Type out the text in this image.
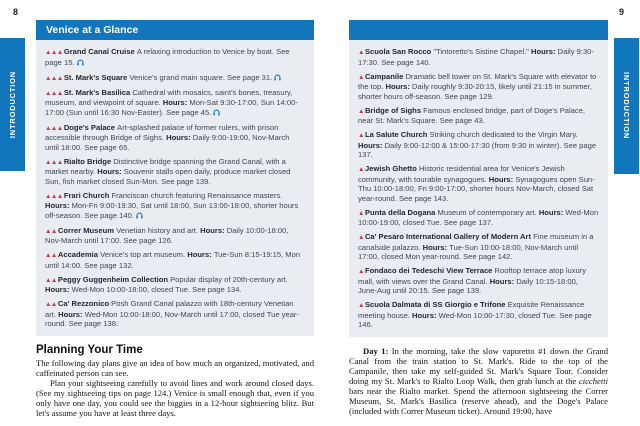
8	9
INTRODUCTION	INTRODUCTION
Venice at a Glance
▲▲▲Grand Canal Cruise A relaxing introduction to Venice by boat. See page 15.
▲▲▲St. Mark's Square Venice's grand main square. See page 31.
▲▲▲St. Mark's Basilica Cathedral with mosaics, saint's bones, treasury, museum, and viewpoint of square. Hours: Mon-Sat 9:30-17:00, Sun 14:00-17:00 (Sun until 16:30 Nov-Easter). See page 45.
▲▲▲Doge's Palace Art-splashed palace of former rulers, with prison accessible through Bridge of Sighs. Hours: Daily 9:00-19:00, Nov-March until 18:00. See page 65.
▲▲▲Rialto Bridge Distinctive bridge spanning the Grand Canal, with a market nearby. Hours: Souvenir stalls open daily, produce market closed Sun, fish market closed Sun-Mon. See page 139.
▲▲▲Frari Church Franciscan church featuring Renaissance masters. Hours: Mon-Fri 9:00-19:30, Sat until 18:00, Sun 13:00-18:00, shorter hours off-season. See page 140.
▲▲Correr Museum Venetian history and art. Hours: Daily 10:00-18:00, Nov-March until 17:00. See page 126.
▲▲Accademia Venice's top art museum. Hours: Tue-Sun 8:15-19:15, Mon until 14:00. See page 132.
▲▲Peggy Guggenheim Collection Popular display of 20th-century art. Hours: Wed-Mon 10:00-18:00, closed Tue. See page 134.
▲▲Ca' Rezzonico Posh Grand Canal palazzo with 18th-century Venetian art. Hours: Wed-Mon 10:00-18:00, Nov-March until 17:00, closed Tue year-round. See page 138.
Planning Your Time

The following day plans give an idea of how much an organized, motivated, and caffeinated person can see.

Plan your sightseeing carefully to avoid lines and work around closed days. (See my sightseeing tips on page 124.) Venice is small enough that, even if you only have one day, you could see the biggies in a 12-hour sightseeing blitz. But let's assume you have at least three days.

▲Scuola San Rocco "Tintoretto's Sistine Chapel." Hours: Daily 9:30-17:30. See page 140.
▲Campanile Dramatic bell tower on St. Mark's Square with elevator to the top. Hours: Daily roughly 9:30-20:15, likely until 21:15 in summer, shorter hours off-season. See page 129.
▲Bridge of Sighs Famous enclosed bridge, part of Doge's Palace, near St. Mark's Square. See page 43.
▲La Salute Church Striking church dedicated to the Virgin Mary. Hours: Daily 9:00-12:00 & 15:00-17:30 (from 9:30 in winter). See page 137.
▲Jewish Ghetto Historic residential area for Venice's Jewish community, with tourable synagogues. Hours: Synagogues open Sun-Thu 10:00-18:00, Fri 9:00-17:00, shorter hours Nov-March, closed Sat year-round. See page 143.
▲Punta della Dogana Museum of contemporary art. Hours: Wed-Mon 10:00-19:00, closed Tue. See page 137.
▲Ca' Pesaro International Gallery of Modern Art Fine museum in a canalside palazzo. Hours: Tue-Sun 10:00-18:00, Nov-March until 17:00, closed Mon year-round. See page 142.
▲Fondaco dei Tedeschi View Terrace Rooftop terrace atop luxury mall, with views over the Grand Canal. Hours: Daily 10:15-18:00, June-Aug until 20:15. See page 139.
▲Scuola Dalmata di SS Giorgio e Trifone Exquisite Renaissance meeting house. Hours: Wed-Mon 10:00-17:30, closed Tue. See page 146.

Day 1: In the morning, take the slow vaporetto #1 down the Grand Canal from the train station to St. Mark's. Ride to the top of the Campanile, then take my self-guided St. Mark's Square Tour. Consider doing my St. Mark's to Rialto Loop Walk, then grab lunch at the cicchetti bars near the Rialto market. Spend the afternoon sightseeing the Correr Museum, St. Mark's Basilica (reserve ahead), and the Doge's Palace (included with Correr Museum ticket). Around 19:00, have
